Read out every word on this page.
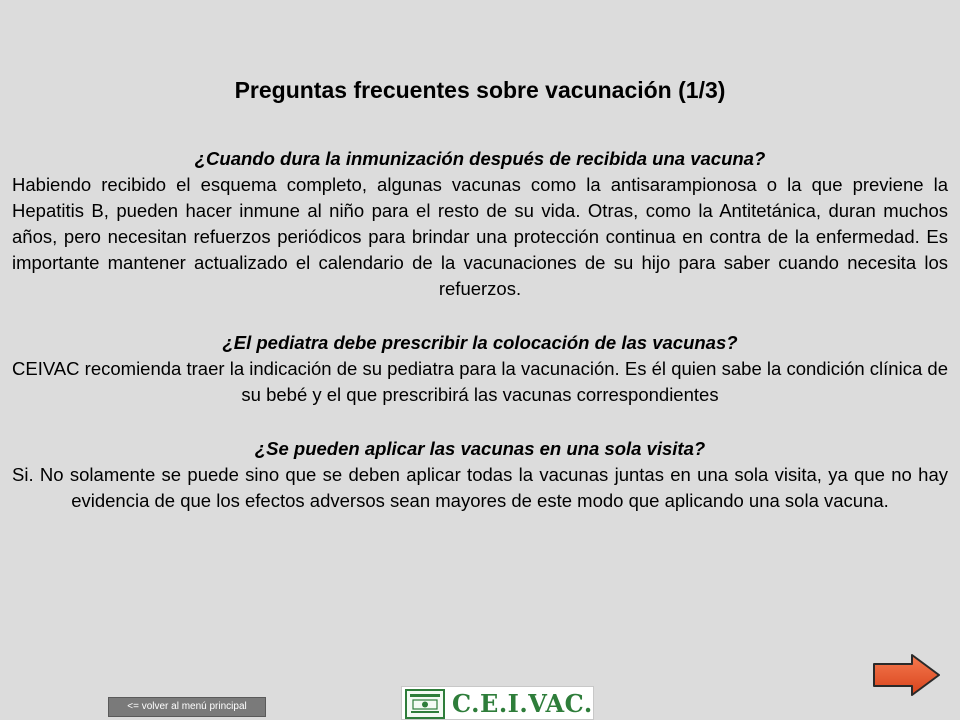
Preguntas frecuentes sobre vacunación (1/3)

¿Cuando dura la inmunización después de recibida una vacuna?

Habiendo recibido el esquema completo, algunas vacunas como la antisarampionosa o la que previene la Hepatitis B, pueden hacer inmune al niño para el resto de su vida. Otras, como la Antitetánica, duran muchos años, pero necesitan refuerzos periódicos para brindar una protección continua en contra de la enfermedad. Es importante mantener actualizado el calendario de la vacunaciones de su hijo para saber cuando necesita los refuerzos.

¿El pediatra debe prescribir la colocación de las vacunas?

CEIVAC recomienda traer la indicación de su pediatra para la vacunación. Es él quien sabe la condición clínica de su bebé y el que prescribirá las vacunas correspondientes

¿Se pueden aplicar las vacunas en una sola visita?

Si. No solamente se puede sino que se deben aplicar todas la vacunas juntas en una sola visita, ya que no hay evidencia de que los efectos adversos sean mayores de este modo que aplicando una sola vacuna.

<= volver al menú principal	C.E.I.VAC.
